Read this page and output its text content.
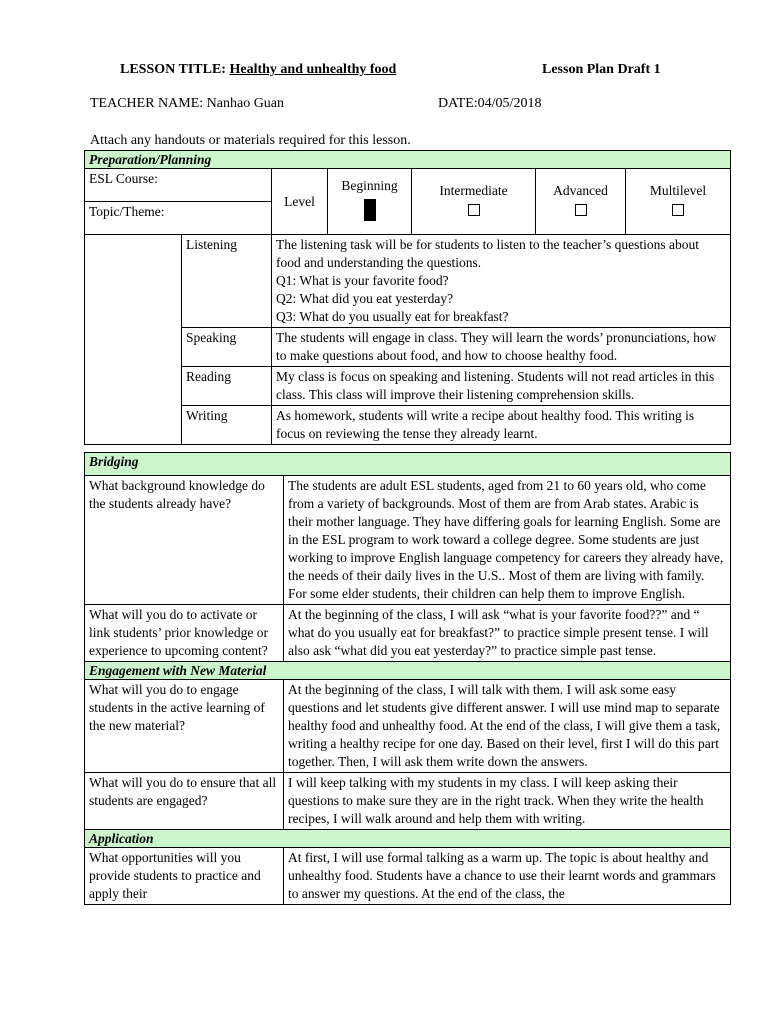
LESSON TITLE: Healthy and unhealthy food	Lesson Plan Draft 1
TEACHER NAME: Nanhao Guan	DATE:04/05/2018
Attach any handouts or materials required for this lesson.
Preparation/Planning						
ESL Course:		Level	Beginning	Intermediate	Advanced	Multilevel

Topic/Theme:						
	Listening	The listening task will be for students to listen to the teacher’s questions about food and understanding the questions.

Q1: What is your favorite food?

Q2: What did you eat yesterday?

Q3: What do you usually eat for breakfast?				

	Speaking	The students will engage in class. They will learn the words’ pronunciations, how to make questions about food, and how to choose healthy food.				
	Reading	My class is focus on speaking and listening. Students will not read articles in this class. This class will improve their listening comprehension skills.				
	Writing	As homework, students will write a recipe about healthy food. This writing is focus on reviewing the tense they already learnt.				
Bridging	
What background knowledge do the students already have?	The students are adult ESL students, aged from 21 to 60 years old, who come from a variety of backgrounds. Most of them are from Arab states. Arabic is their mother language. They have differing goals for learning English. Some are in the ESL program to work toward a college degree. Some students are just working to improve English language competency for careers they already have, the needs of their daily lives in the U.S.. Most of them are living with family. For some elder students, their children can help them to improve English.
What will you do to activate or link students’ prior knowledge or experience to upcoming content?	At the beginning of the class, I will ask “what is your favorite food??” and “ what do you usually eat for breakfast?” to practice simple present tense. I will also ask “what did you eat yesterday?” to practice simple past tense.
Engagement with New Material	
What will you do to engage students in the active learning of the new material?	At the beginning of the class, I will talk with them. I will ask some easy questions and let students give different answer. I will use mind map to separate healthy food and unhealthy food. At the end of the class, I will give them a task, writing a healthy recipe for one day. Based on their level, first I will do this part together. Then, I will ask them write down the answers.
What will you do to ensure that all students are engaged?	I will keep talking with my students in my class. I will keep asking their questions to make sure they are in the right track. When they write the health recipes, I will walk around and help them with writing.
Application	
What opportunities will you provide students to practice and apply their	At first, I will use formal talking as a warm up. The topic is about healthy and unhealthy food. Students have a chance to use their learnt words and grammars to answer my questions. At the end of the class, the
